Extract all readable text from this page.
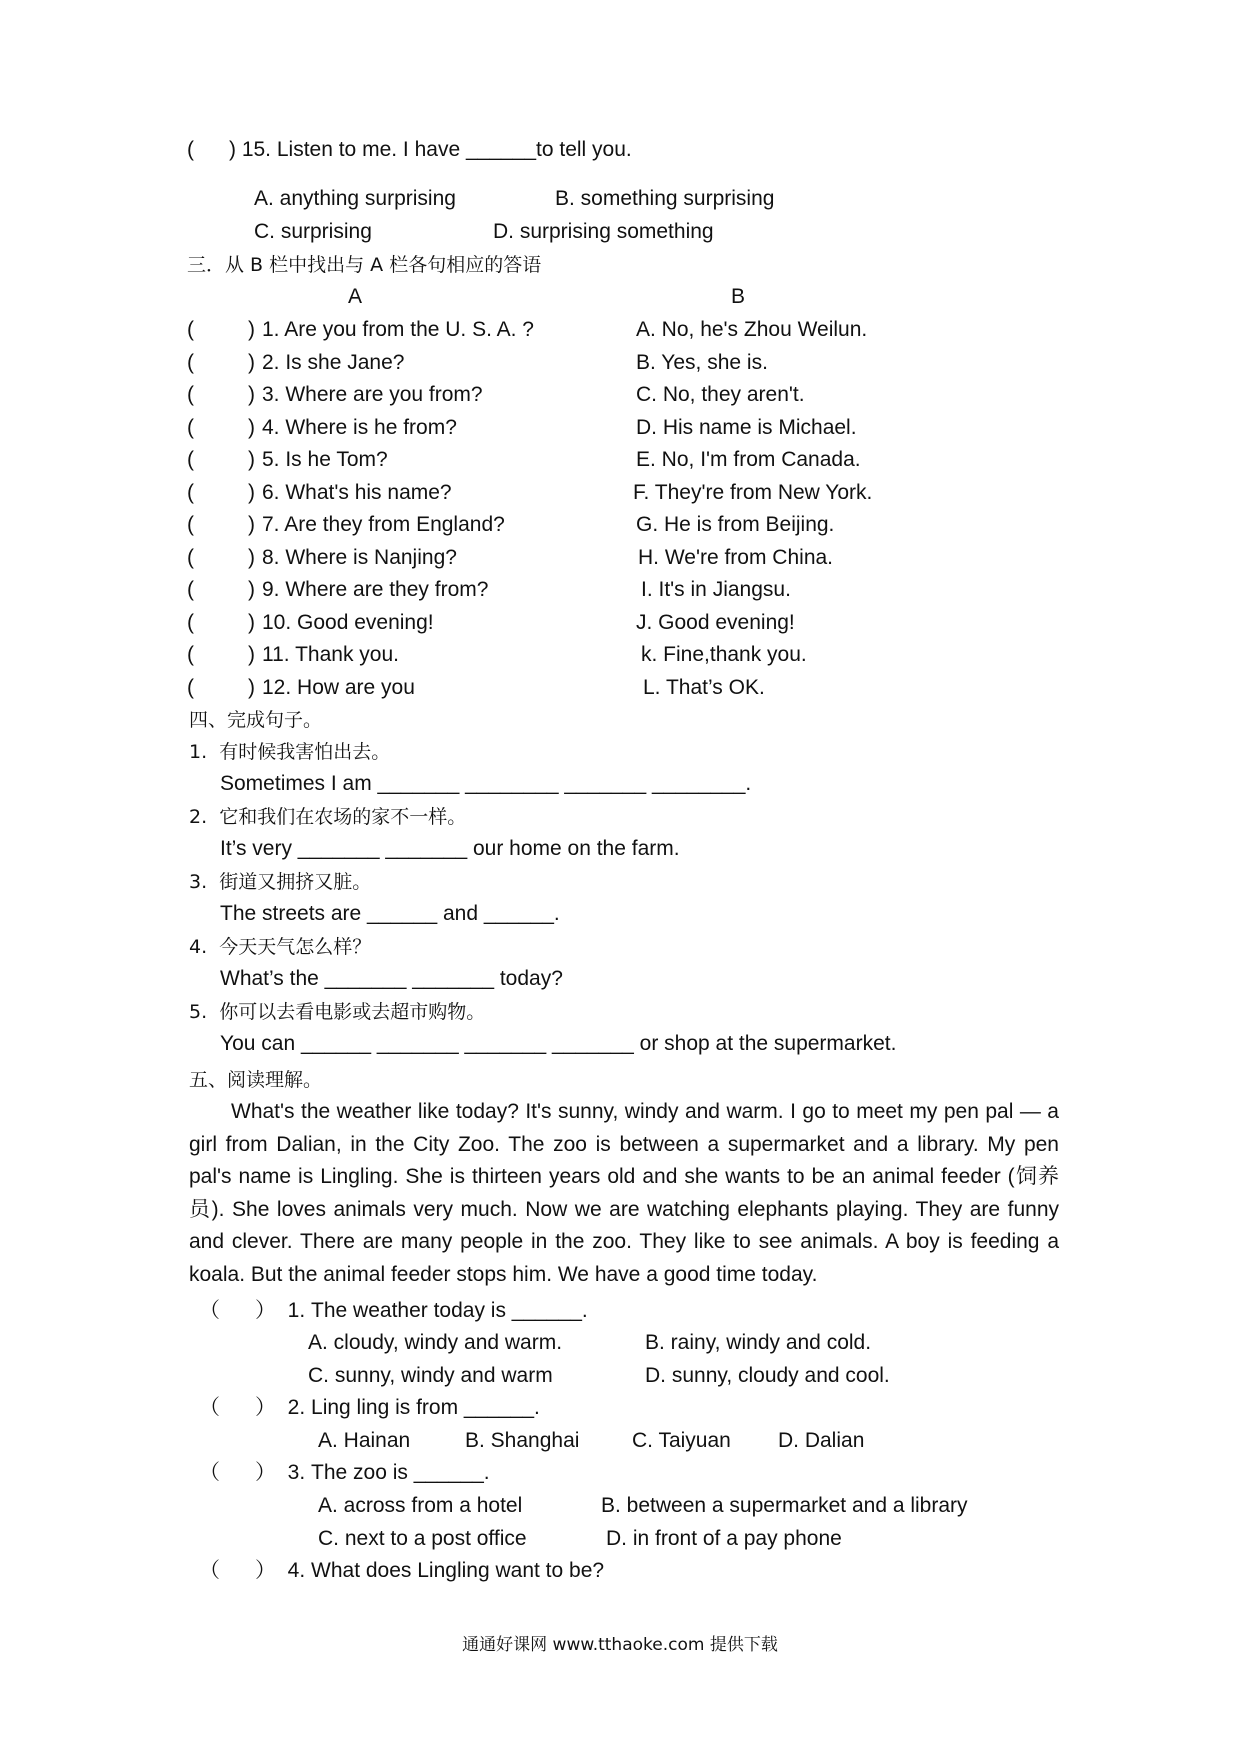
(      ) 15. Listen to me. I have ______to tell you.
A. anything surprising	B. something surprising
C. surprising	D. surprising something
三．从 B 栏中找出与 A 栏各句相应的答语
A	B
(	) 1. Are you from the U. S. A. ?	A. No, he's Zhou Weilun.
(	) 2. Is she Jane?	B. Yes, she is.
(	) 3. Where are you from?	C. No, they aren't.
(	) 4. Where is he from?	D. His name is Michael.
(	) 5. Is he Tom?	E. No, I'm from Canada.
(	) 6. What's his name?	F. They're from New York.
(	) 7. Are they from England?	G. He is from Beijing.
(	) 8. Where is Nanjing?	H. We're from China.
(	) 9. Where are they from?	I. It's in Jiangsu.
(	) 10. Good evening!	J. Good evening!
(	) 11. Thank you.	k. Fine,thank you.
(	) 12. How are you	L. That’s OK.
四、完成句子。
1.  有时候我害怕出去。
Sometimes I am _______ ________ _______ ________.
2.  它和我们在农场的家不一样。
It’s very _______ _______ our home on the farm.
3.  街道又拥挤又脏。
The streets are ______ and ______.
4.  今天天气怎么样？
What’s the _______ _______ today?
5.  你可以去看电影或去超市购物。
You can ______ _______ _______ _______ or shop at the supermarket.
五、阅读理解。
What's the weather like today? It's sunny, windy and warm. I go to meet my pen pal — a girl from Dalian, in the City Zoo. The zoo is between a supermarket and a library. My pen pal's name is Lingling. She is thirteen years old and she wants to be an animal feeder (饲养员). She loves animals very much. Now we are watching elephants playing. They are funny and clever. There are many people in the zoo. They like to see animals. A boy is feeding a koala. But the animal feeder stops him. We have a good time today.
（      ）  1. The weather today is ______.
A. cloudy, windy and warm.	B. rainy, windy and cold.
C. sunny, windy and warm	D. sunny, cloudy and cool.
（      ）  2. Ling ling is from ______.
A. Hainan	B. Shanghai	C. Taiyuan D. Dalian
（      ）  3. The zoo is ______.
A. across from a hotel	B. between a supermarket and a library
C. next to a post office	D. in front of a pay phone
（      ）  4. What does Lingling want to be?
通通好课网 www.tthaoke.com 提供下载
